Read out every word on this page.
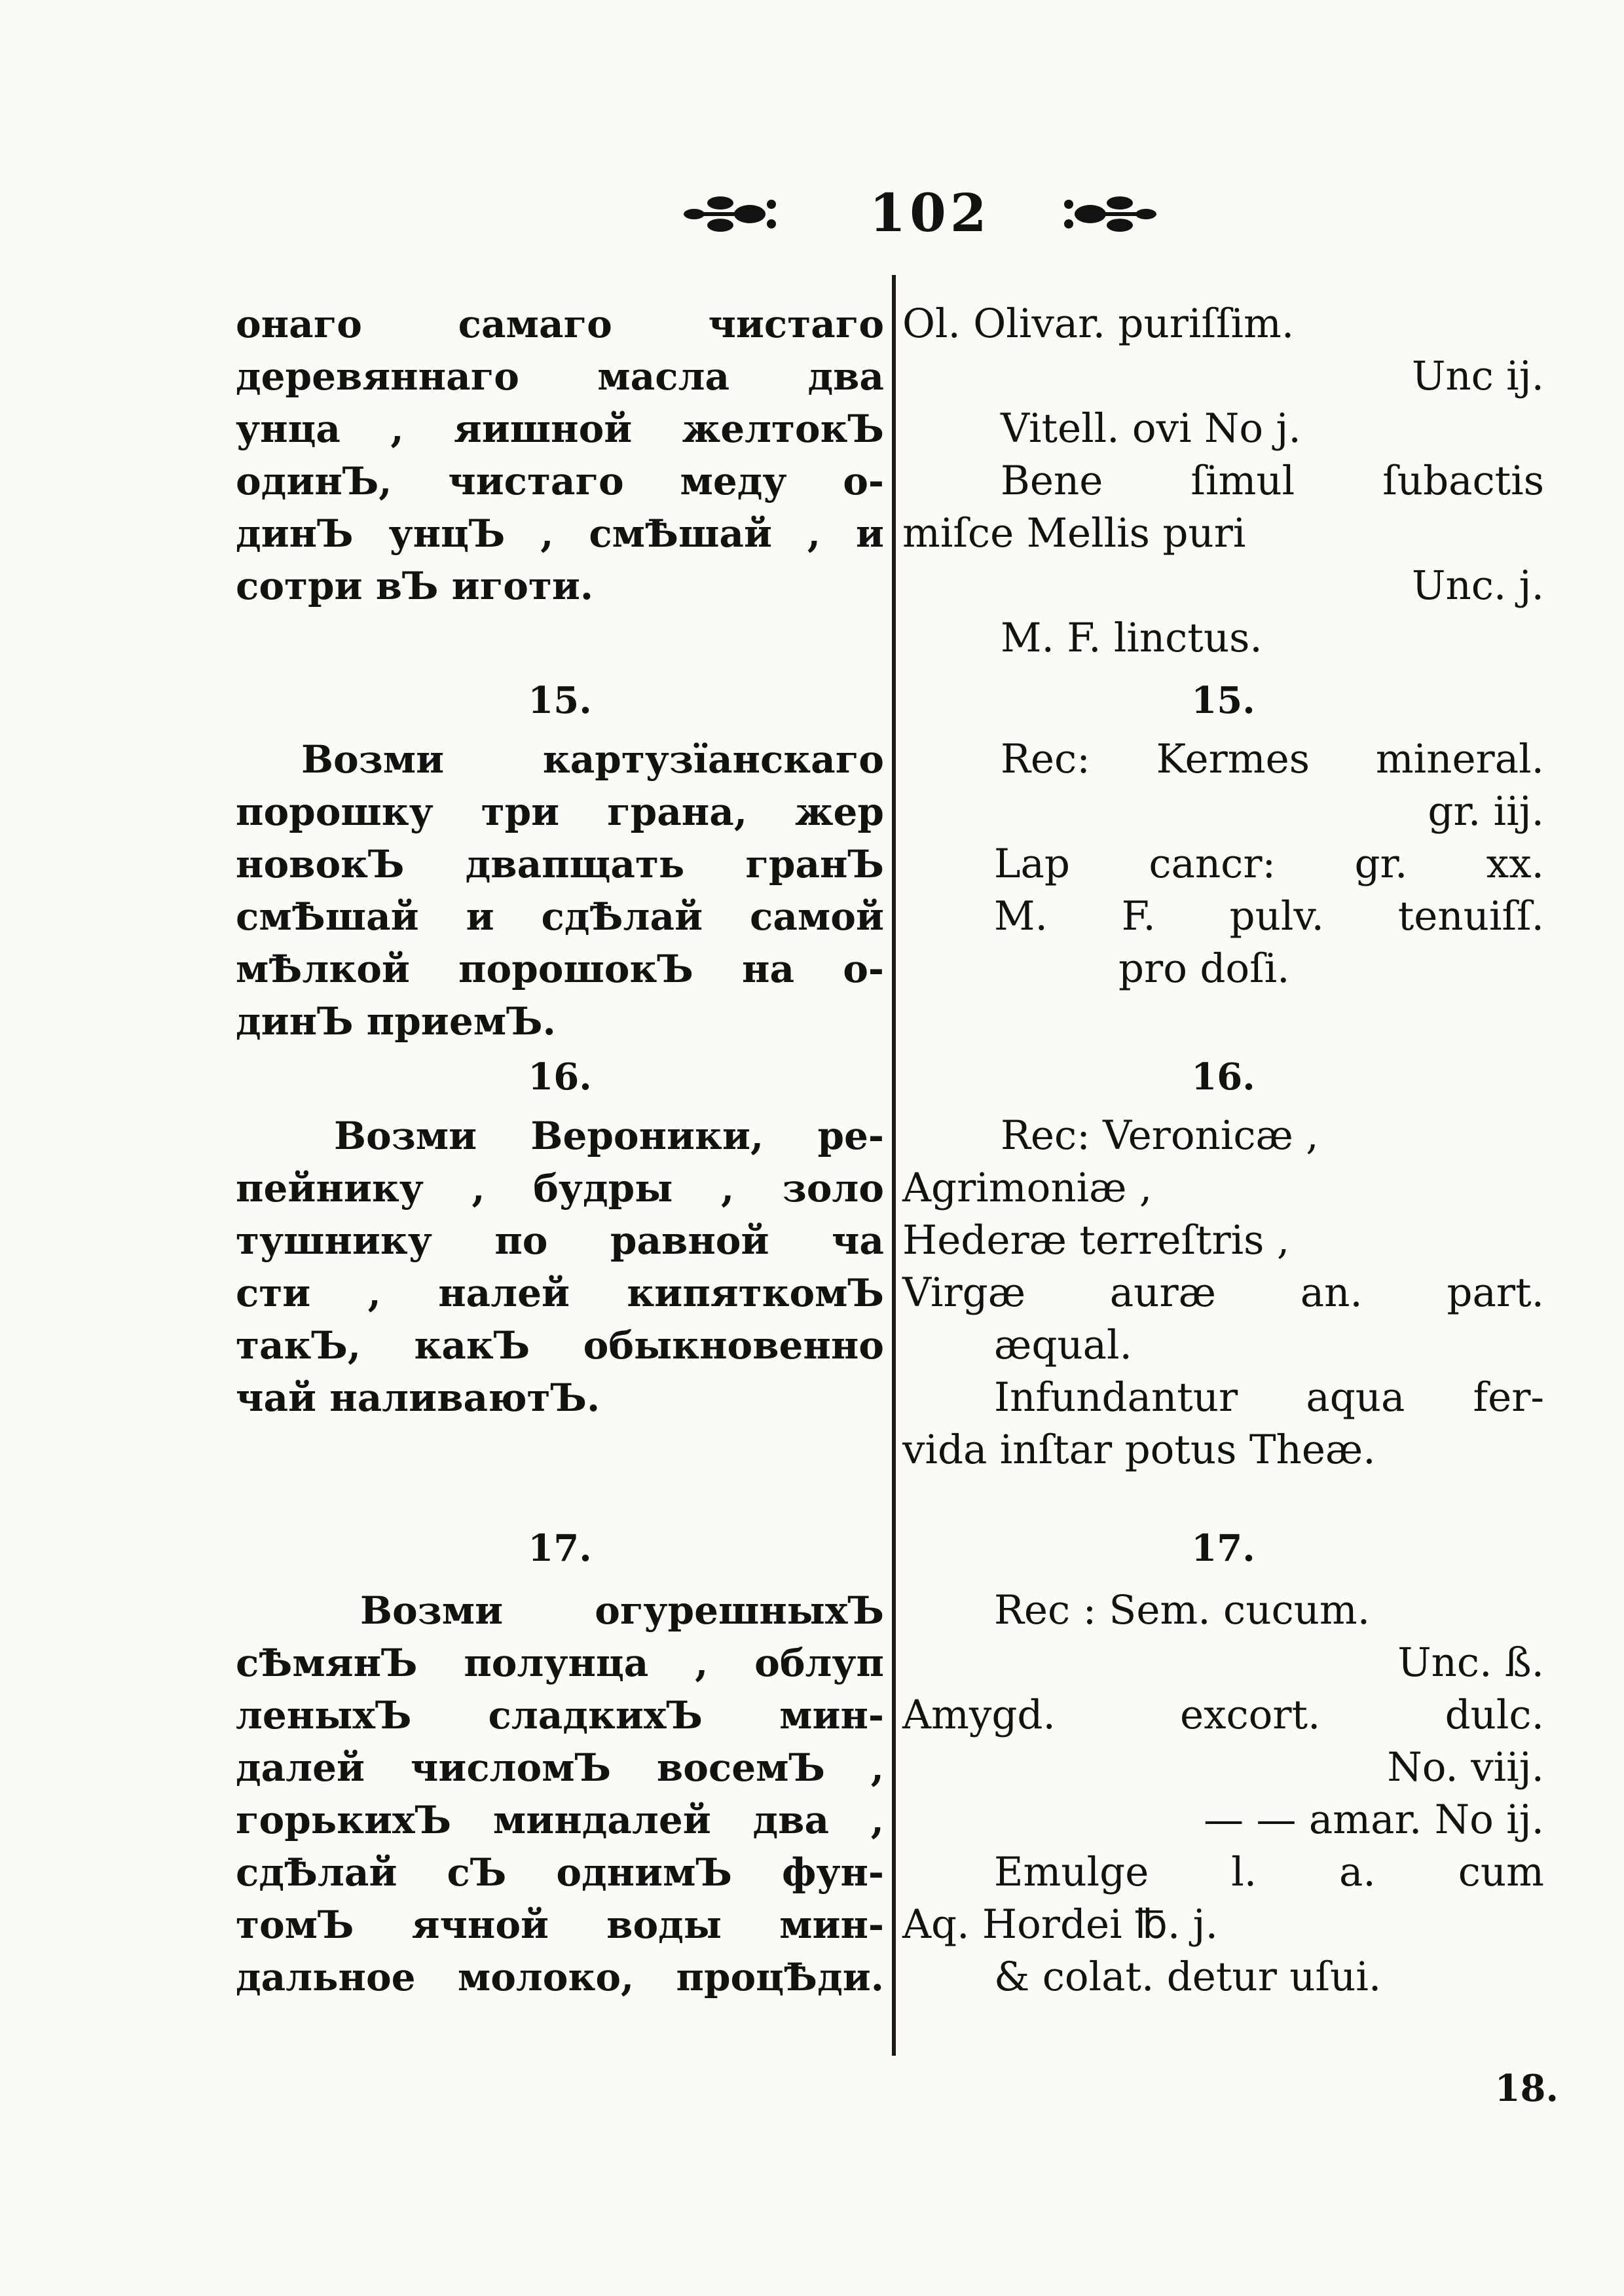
102
онаго самаго чистаго
деревяннаго масла два
унца , яишной желтокЪ
одинЪ, чистаго меду о-
динЪ унцЪ , смѢшай , и
сотри вЪ иготи.
15.
Возми картузïанскаго
порошку три грана, жер
новокЪ двапщать гранЪ
смѢшай и сдѢлай самой
мѢлкой порошокЪ на о-
динЪ приемЪ.
16.
Возми Вероники, ре-
пейнику , будры , золо
тушнику по равной ча
сти , налей кипяткомЪ
такЪ, какЪ обыкновенно
чай наливаютЪ.
17.
Возми огурешныхЪ
сѢмянЪ полунца , облуп
леныхЪ сладкихЪ мин-
далей числомЪ восемЪ ,
горькихЪ миндалей два ,
сдѢлай сЪ однимЪ фун-
томЪ ячной воды мин-
дальное молоко, процѢди.
Ol. Olivar. puriſſim.
Unc ij.
Vitell. ovi No j.
Bene ſimul ſubactis
miſce Mellis puri
Unc. j.
M. F. linctus.
15.
Rec: Kermes mineral.
gr. iij.
Lap cancr: gr. xx.
M. F. pulv. tenuiſſ.
pro doſi.
16.
Rec: Veronicæ ,
Agrimoniæ ,
Hederæ terreſtris ,
Virgæ auræ an. part.
æqual.
Infundantur aqua fer-
vida inſtar potus Theæ.
17.
Rec : Sem. cucum.
Unc. ß.
Amygd. excort. dulc.
No. viij.
— — amar. No ij.
Emulge l. a. cum
Aq. Hordei ℔. j.
& colat. detur uſui.
18.
